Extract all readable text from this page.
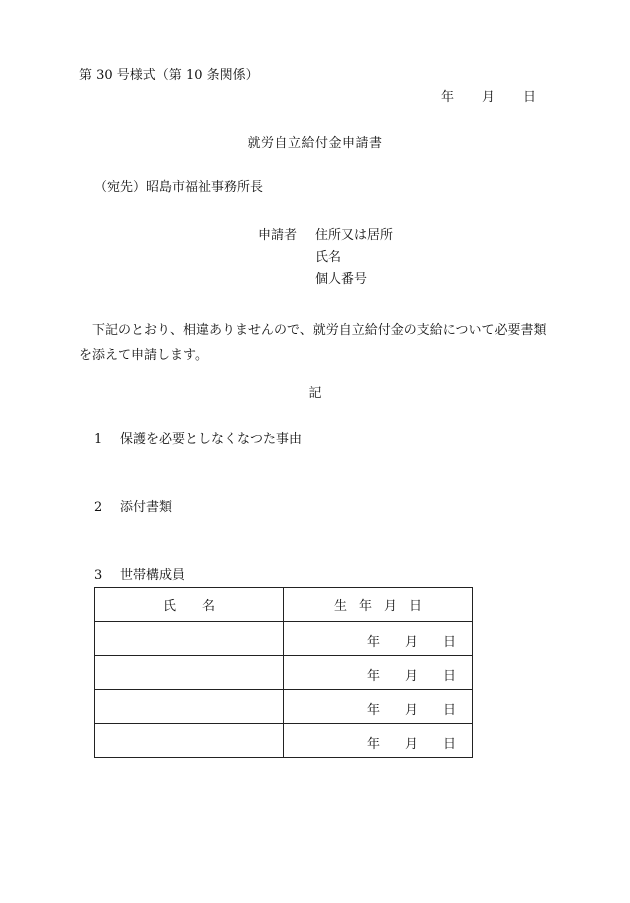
第 30 号様式（第 10 条関係）
年 月 日
就労自立給付金申請書
（宛先）昭島市福祉事務所長
申請者 住所又は居所
氏名
個人番号
下記のとおり、相違ありませんので、就労自立給付金の支給について必要書類を添えて申請します。
記
1 保護を必要としなくなつた事由
2 添付書類
3 世帯構成員
氏 名	生 年 月 日

	年 月 日

	年 月 日

	年 月 日

	年 月 日
